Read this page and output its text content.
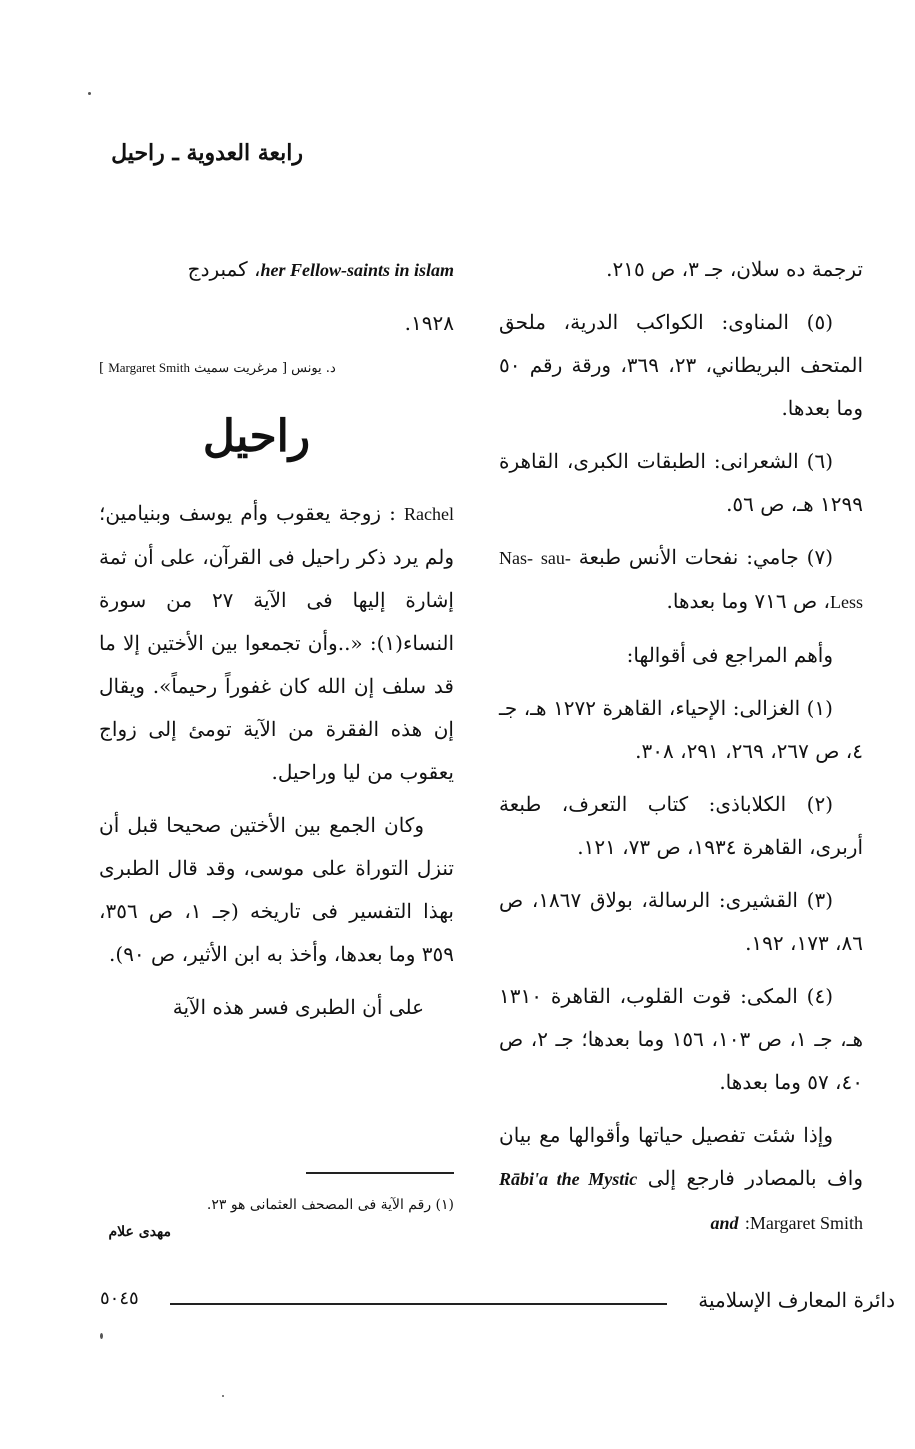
رابعة العدوية ـ راحيل

ترجمة ده سلان، جـ ٣، ص ٢١٥.

(٥) المناوى: الكواكب الدرية، ملحق المتحف البريطاني، ٢٣، ٣٦٩، ورقة رقم ٥٠ وما بعدها.

(٦) الشعرانى: الطبقات الكبرى، القاهرة ١٢٩٩ هـ، ص ٥٦.

(٧) جامي: نفحات الأنس طبعة Nas- sau-Less، ص ٧١٦ وما بعدها.

وأهم المراجع فى أقوالها:

(١) الغزالى: الإحياء، القاهرة ١٢٧٢ هـ، جـ ٤، ص ٢٦٧، ٢٦٩، ٢٩١، ٣٠٨.

(٢) الكلاباذى: كتاب التعرف، طبعة أربرى، القاهرة ١٩٣٤، ص ٧٣، ١٢١.

(٣) القشيرى: الرسالة، بولاق ١٨٦٧، ص ٨٦، ١٧٣، ١٩٢.

(٤) المكى: قوت القلوب، القاهرة ١٣١٠ هـ، جـ ١، ص ١٠٣، ١٥٦ وما بعدها؛ جـ ٢، ص ٤٠، ٥٧ وما بعدها.

وإذا شئت تفصيل حياتها وأقوالها مع بيان واف بالمصادر فارجع إلى Rābi'a the Mystic and :Margaret Smith

her Fellow-saints in islam، كمبردج

١٩٢٨.

د. يونس [ مرغريت سميث Margaret Smith ]

راحيل

Rachel : زوجة يعقوب وأم يوسف وبنيامين؛ ولم يرد ذكر راحيل فى القرآن، على أن ثمة إشارة إليها فى الآية ٢٧ من سورة النساء(١): «..وأن تجمعوا بين الأختين إلا ما قد سلف إن الله كان غفوراً رحيماً». ويقال إن هذه الفقرة من الآية تومئ إلى زواج يعقوب من ليا وراحيل.

وكان الجمع بين الأختين صحيحا قبل أن تنزل التوراة على موسى، وقد قال الطبرى بهذا التفسير فى تاريخه (جـ ١، ص ٣٥٦، ٣٥٩ وما بعدها، وأخذ به ابن الأثير، ص ٩٠).

على أن الطبرى فسر هذه الآية

(١) رقم الآية فى المصحف العثمانى هو ٢٣.
مهدى علام
دائرة المعارف الإسلامية
٥٠٤٥
